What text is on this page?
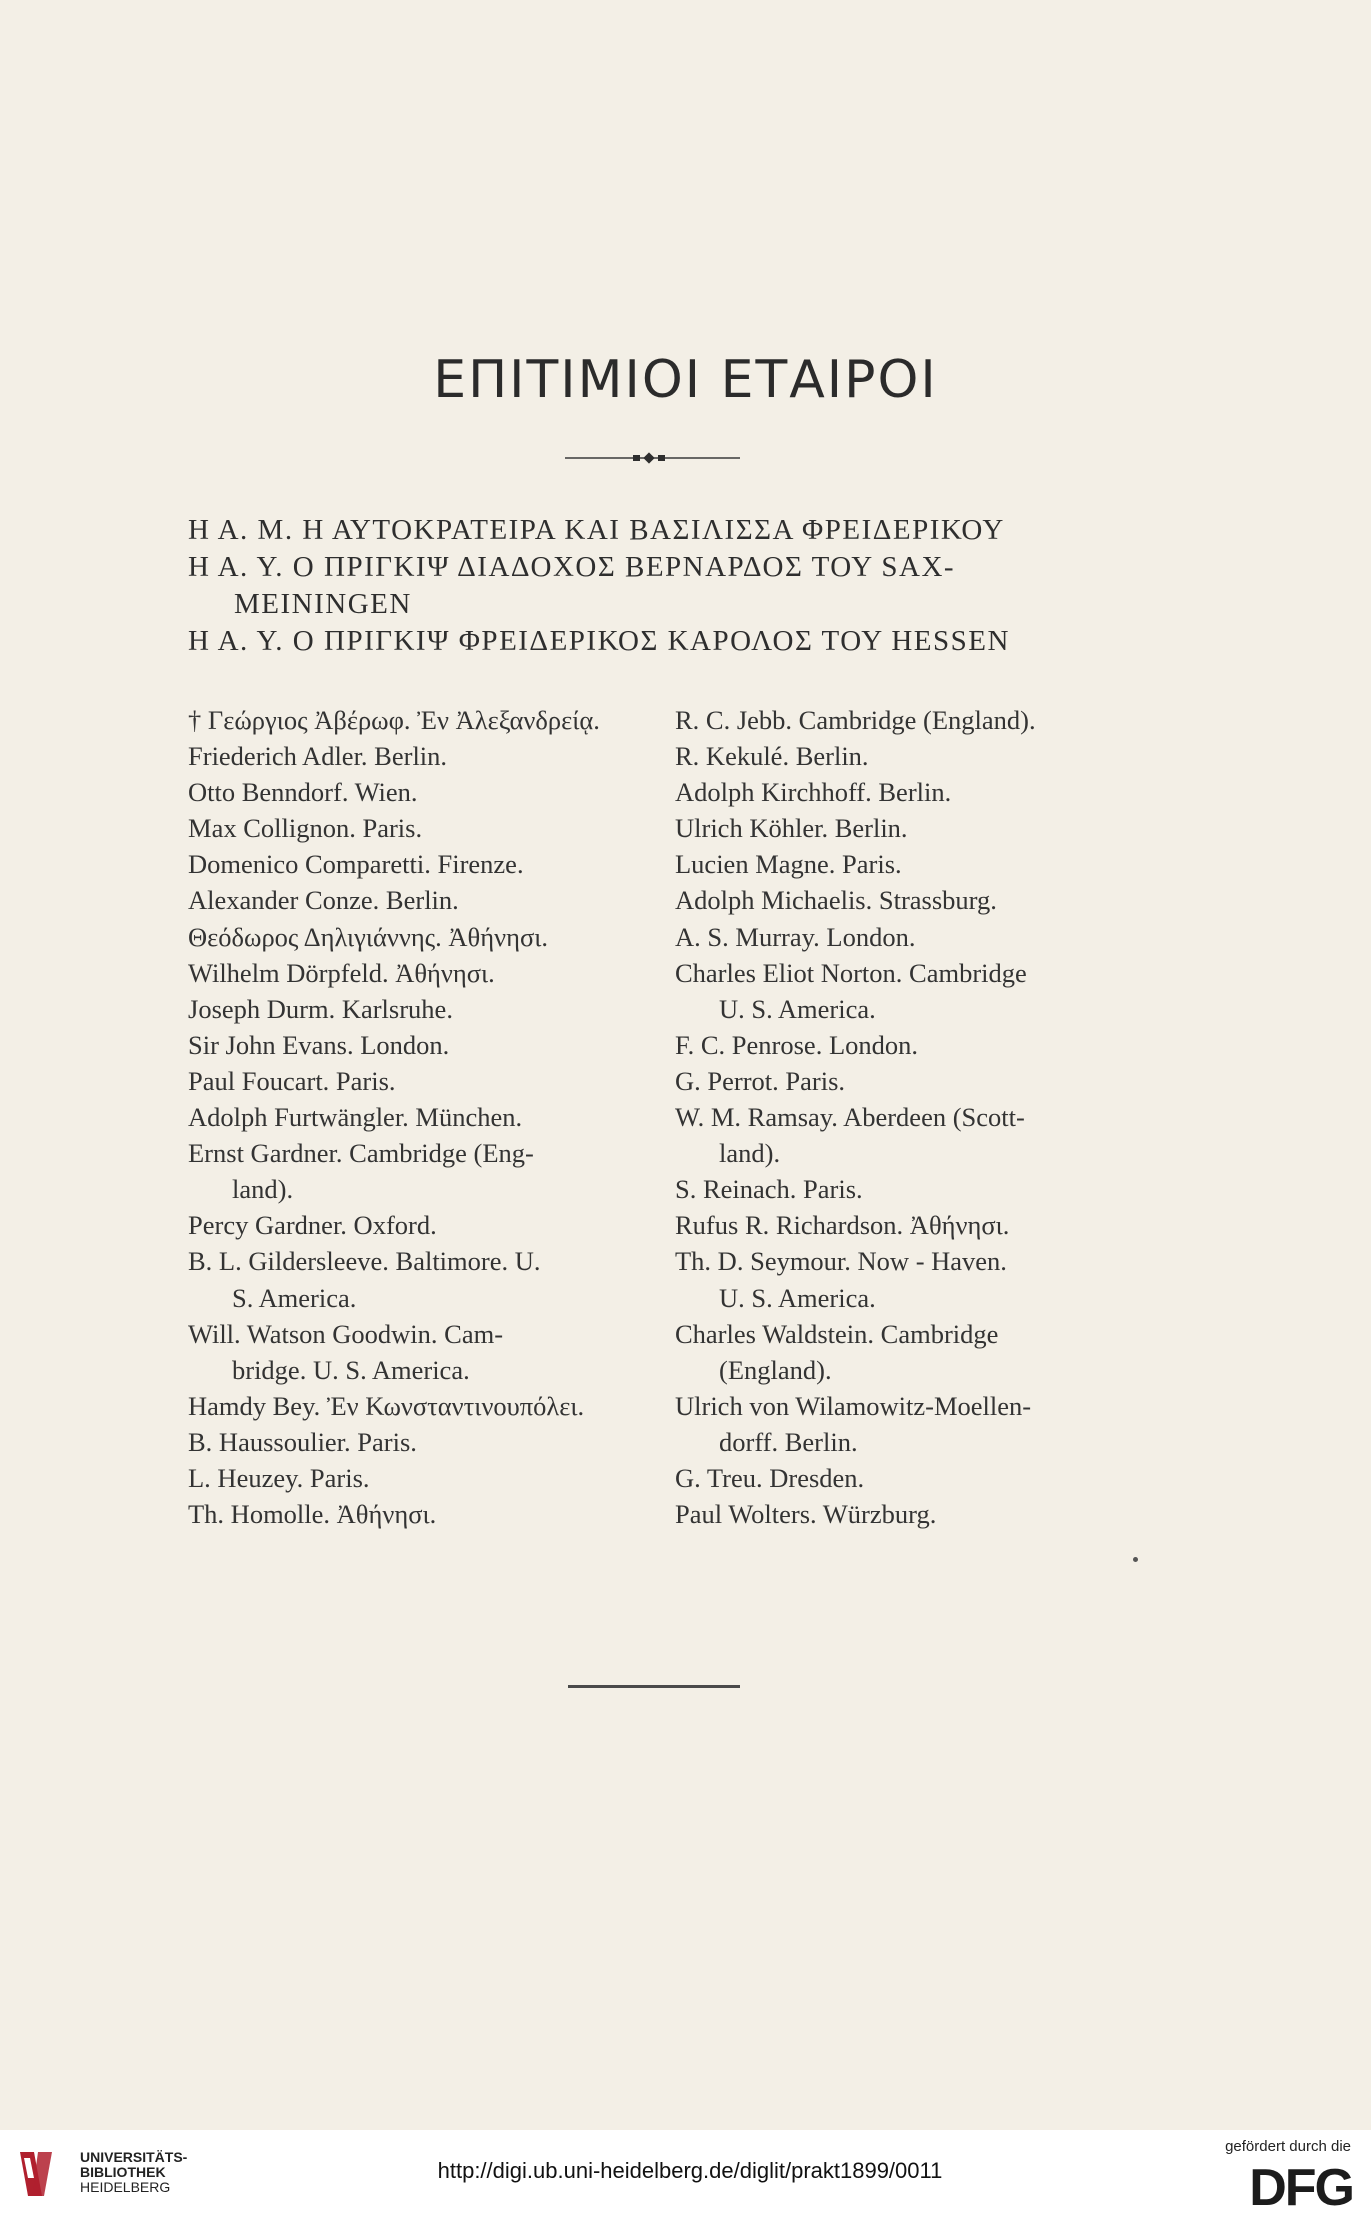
ΕΠΙΤΙΜΙΟΙ ΕΤΑΙΡΟΙ
Η Α. Μ. Η ΑΥΤΟΚΡΑΤΕΙΡΑ ΚΑΙ ΒΑΣΙΛΙΣΣΑ ΦΡΕΙΔΕΡΙΚΟΥ
Η Α. Υ. Ο ΠΡΙΓΚΙΨ ΔΙΑΔΟΧΟΣ ΒΕΡΝΑΡΔΟΣ ΤΟΥ SAX-
MEININGEN
Η Α. Υ. Ο ΠΡΙΓΚΙΨ ΦΡΕΙΔΕΡΙΚΟΣ ΚΑΡΟΛΟΣ ΤΟΥ HESSEN
† Γεώργιος Ἀβέρωφ. Ἐν Ἀλεξανδρείᾳ.
Friederich Adler. Berlin.
Otto Benndorf. Wien.
Max Collignon. Paris.
Domenico Comparetti. Firenze.
Alexander Conze. Berlin.
Θεόδωρος Δηλιγιάννης. Ἀθήνησι.
Wilhelm Dörpfeld. Ἀθήνησι.
Joseph Durm. Karlsruhe.
Sir John Evans. London.
Paul Foucart. Paris.
Adolph Furtwängler. München.
Ernst Gardner. Cambridge (Eng-
land).
Percy Gardner. Oxford.
B. L. Gildersleeve. Baltimore. U.
S. America.
Will. Watson Goodwin. Cam-
bridge. U. S. America.
Hamdy Bey. Ἐν Κωνσταντινουπόλει.
B. Haussoulier. Paris.
L. Heuzey. Paris.
Th. Homolle. Ἀθήνησι.
R. C. Jebb. Cambridge (England).
R. Kekulé. Berlin.
Adolph Kirchhoff. Berlin.
Ulrich Köhler. Berlin.
Lucien Magne. Paris.
Adolph Michaelis. Strassburg.
A. S. Murray. London.
Charles Eliot Norton. Cambridge
U. S. America.
F. C. Penrose. London.
G. Perrot. Paris.
W. M. Ramsay. Aberdeen (Scott-
land).
S. Reinach. Paris.
Rufus R. Richardson. Ἀθήνησι.
Th. D. Seymour. Now - Haven.
U. S. America.
Charles Waldstein. Cambridge
(England).
Ulrich von Wilamowitz-Moellen-
dorff. Berlin.
G. Treu. Dresden.
Paul Wolters. Würzburg.
UNIVERSITÄTS-
BIBLIOTHEK
HEIDELBERG
http://digi.ub.uni-heidelberg.de/diglit/prakt1899/0011
gefördert durch die
DFG
